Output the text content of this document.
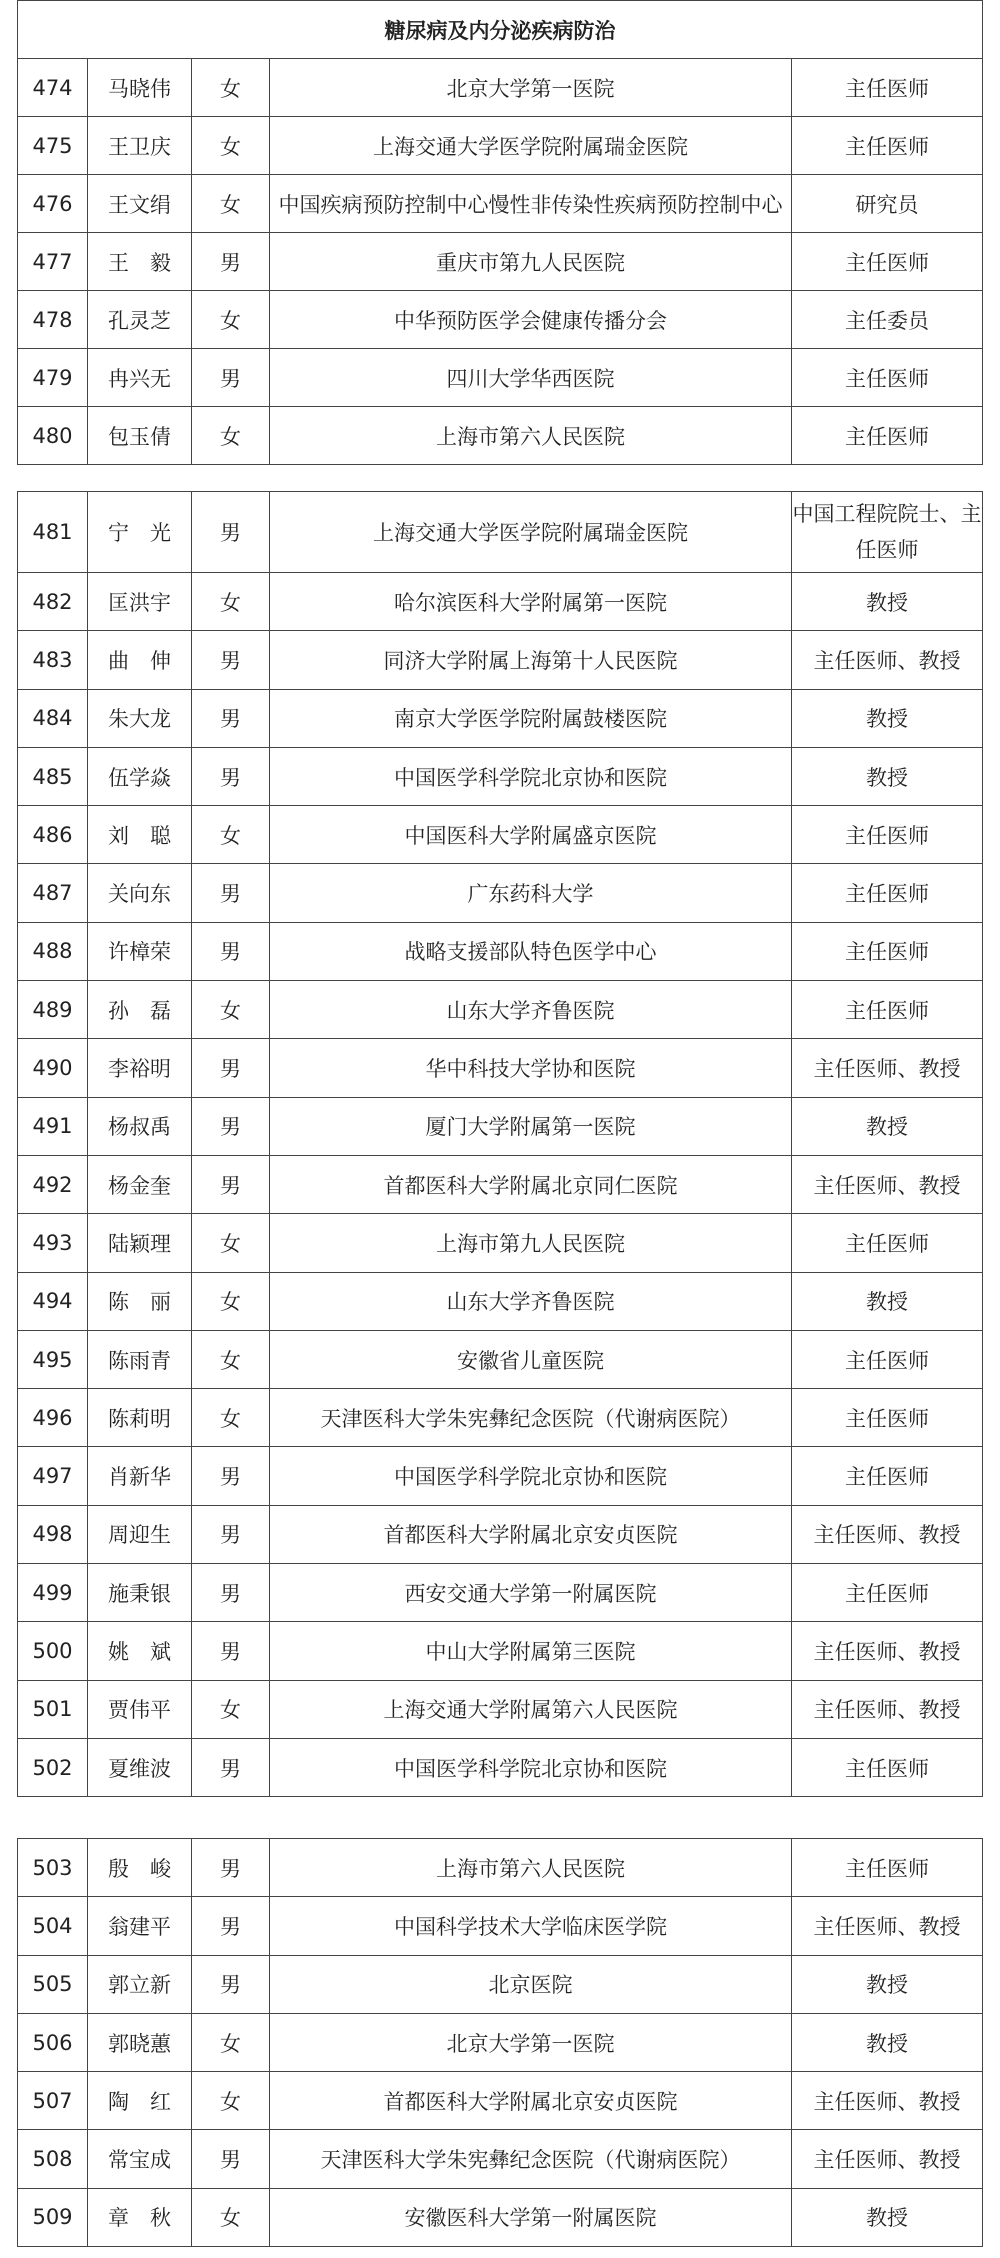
糖尿病及内分泌疾病防治				
474	马晓伟	女	北京大学第一医院	主任医师
475	王卫庆	女	上海交通大学医学院附属瑞金医院	主任医师
476	王文绢	女	中国疾病预防控制中心慢性非传染性疾病预防控制中心	研究员
477	王　毅	男	重庆市第九人民医院	主任医师
478	孔灵芝	女	中华预防医学会健康传播分会	主任委员
479	冉兴无	男	四川大学华西医院	主任医师
480	包玉倩	女	上海市第六人民医院	主任医师
481	宁　光	男	上海交通大学医学院附属瑞金医院	中国工程院院士、主任医师
482	匡洪宇	女	哈尔滨医科大学附属第一医院	教授
483	曲　伸	男	同济大学附属上海第十人民医院	主任医师、教授
484	朱大龙	男	南京大学医学院附属鼓楼医院	教授
485	伍学焱	男	中国医学科学院北京协和医院	教授
486	刘　聪	女	中国医科大学附属盛京医院	主任医师
487	关向东	男	广东药科大学	主任医师
488	许樟荣	男	战略支援部队特色医学中心	主任医师
489	孙　磊	女	山东大学齐鲁医院	主任医师
490	李裕明	男	华中科技大学协和医院	主任医师、教授
491	杨叔禹	男	厦门大学附属第一医院	教授
492	杨金奎	男	首都医科大学附属北京同仁医院	主任医师、教授
493	陆颖理	女	上海市第九人民医院	主任医师
494	陈　丽	女	山东大学齐鲁医院	教授
495	陈雨青	女	安徽省儿童医院	主任医师
496	陈莉明	女	天津医科大学朱宪彝纪念医院（代谢病医院）	主任医师
497	肖新华	男	中国医学科学院北京协和医院	主任医师
498	周迎生	男	首都医科大学附属北京安贞医院	主任医师、教授
499	施秉银	男	西安交通大学第一附属医院	主任医师
500	姚　斌	男	中山大学附属第三医院	主任医师、教授
501	贾伟平	女	上海交通大学附属第六人民医院	主任医师、教授
502	夏维波	男	中国医学科学院北京协和医院	主任医师
503	殷　峻	男	上海市第六人民医院	主任医师
504	翁建平	男	中国科学技术大学临床医学院	主任医师、教授
505	郭立新	男	北京医院	教授
506	郭晓蕙	女	北京大学第一医院	教授
507	陶　红	女	首都医科大学附属北京安贞医院	主任医师、教授
508	常宝成	男	天津医科大学朱宪彝纪念医院（代谢病医院）	主任医师、教授
509	章　秋	女	安徽医科大学第一附属医院	教授
